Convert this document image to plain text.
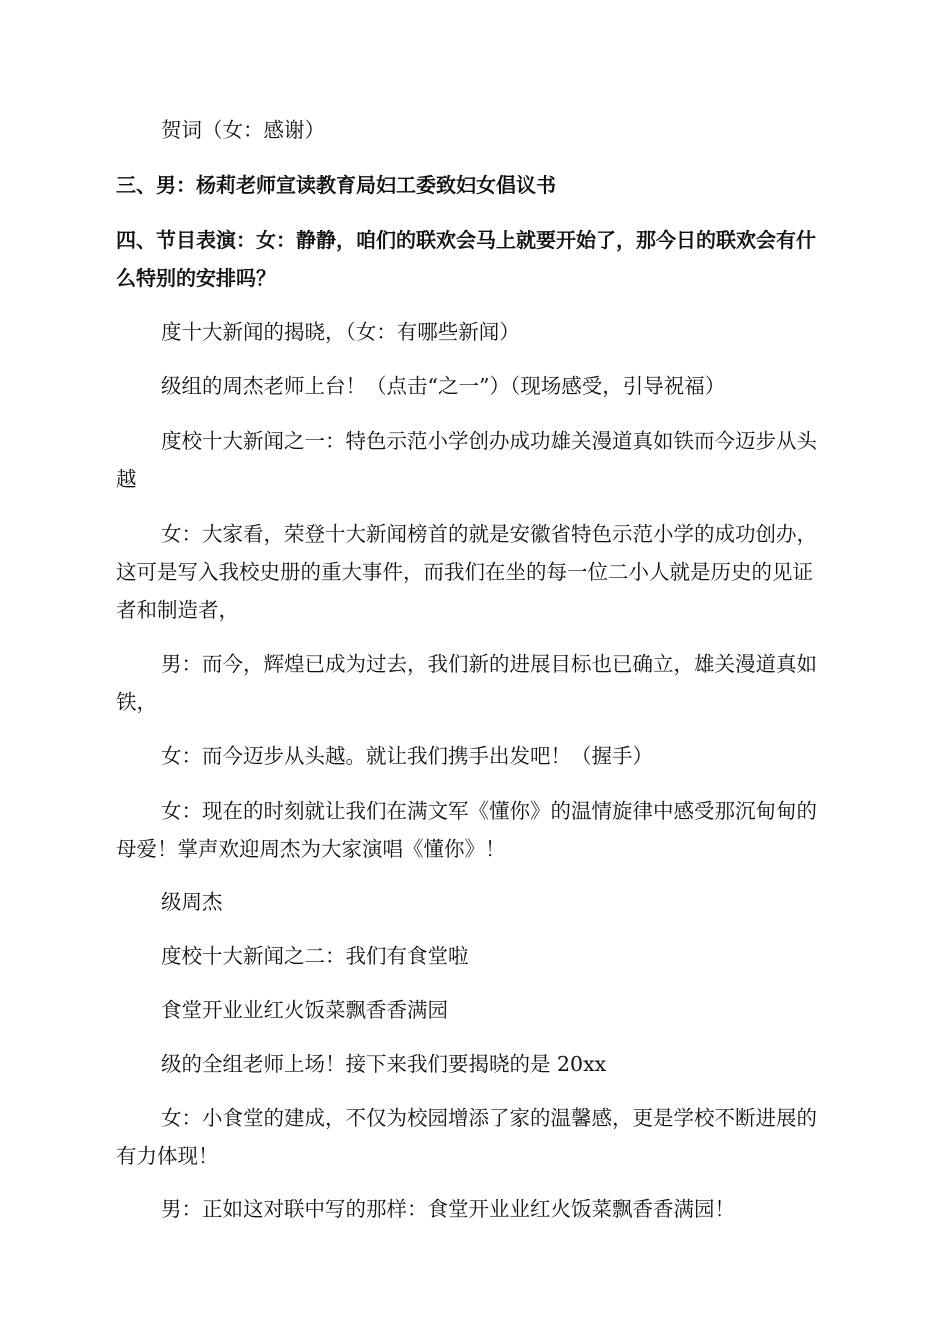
贺词（女：感谢）

三、男：杨莉老师宣读教育局妇工委致妇女倡议书

四、节目表演：女：静静，咱们的联欢会马上就要开始了，那今日的联欢会有什么特别的安排吗？

度十大新闻的揭晓，（女：有哪些新闻）

级组的周杰老师上台！（点击“之一”）（现场感受，引导祝福）

度校十大新闻之一：特色示范小学创办成功雄关漫道真如铁而今迈步从头越

女：大家看，荣登十大新闻榜首的就是安徽省特色示范小学的成功创办，这可是写入我校史册的重大事件，而我们在坐的每一位二小人就是历史的见证者和制造者，

男：而今，辉煌已成为过去，我们新的进展目标也已确立，雄关漫道真如铁，

女：而今迈步从头越。就让我们携手出发吧！（握手）

女：现在的时刻就让我们在满文军《懂你》的温情旋律中感受那沉甸甸的母爱！掌声欢迎周杰为大家演唱《懂你》！

级周杰

度校十大新闻之二：我们有食堂啦

食堂开业业红火饭菜飘香香满园

级的全组老师上场！接下来我们要揭晓的是 20xx

女：小食堂的建成，不仅为校园增添了家的温馨感，更是学校不断进展的有力体现！

男：正如这对联中写的那样：食堂开业业红火饭菜飘香香满园！
